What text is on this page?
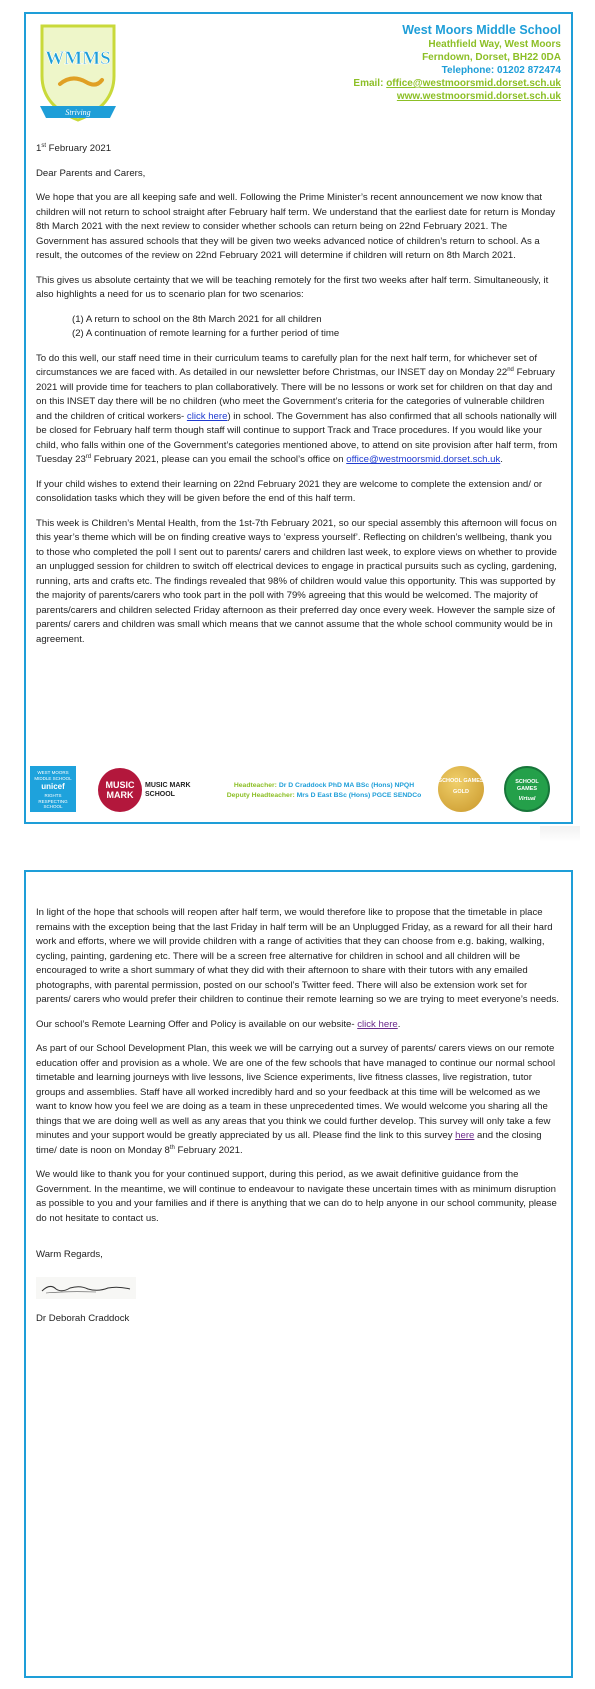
WMMS
Striving
West Moors Middle School
Heathfield Way, West Moors
Ferndown, Dorset, BH22 0DA
Telephone: 01202 872474
Email: office@westmoorsmid.dorset.sch.uk
www.westmoorsmid.dorset.sch.uk

1st February 2021

Dear Parents and Carers,

We hope that you are all keeping safe and well. Following the Prime Minister’s recent announcement we now know that children will not return to school straight after February half term. We understand that the earliest date for return is Monday 8th March 2021 with the next review to consider whether schools can return being on 22nd February 2021. The Government has assured schools that they will be given two weeks advanced notice of children’s return to school. As a result, the outcomes of the review on 22nd February 2021 will determine if children will return on 8th March 2021.

This gives us absolute certainty that we will be teaching remotely for the first two weeks after half term. Simultaneously, it also highlights a need for us to scenario plan for two scenarios:

(1) A return to school on the 8th March 2021 for all children
(2) A continuation of remote learning for a further period of time

To do this well, our staff need time in their curriculum teams to carefully plan for the next half term, for whichever set of circumstances we are faced with. As detailed in our newsletter before Christmas, our INSET day on Monday 22nd February 2021 will provide time for teachers to plan collaboratively. There will be no lessons or work set for children on that day and on this INSET day there will be no children (who meet the Government’s criteria for the categories of vulnerable children and the children of critical workers- click here) in school. The Government has also confirmed that all schools nationally will be closed for February half term though staff will continue to support Track and Trace procedures. If you would like your child, who falls within one of the Government’s categories mentioned above, to attend on site provision after half term, from Tuesday 23rd February 2021, please can you email the school’s office on office@westmoorsmid.dorset.sch.uk.

If your child wishes to extend their learning on 22nd February 2021 they are welcome to complete the extension and/ or consolidation tasks which they will be given before the end of this half term.

This week is Children’s Mental Health, from the 1st-7th February 2021, so our special assembly this afternoon will focus on this year’s theme which will be on finding creative ways to ‘express yourself’. Reflecting on children’s wellbeing, thank you to those who completed the poll I sent out to parents/ carers and children last week, to explore views on whether to provide an unplugged session for children to switch off electrical devices to engage in practical pursuits such as cycling, gardening, running, arts and crafts etc. The findings revealed that 98% of children would value this opportunity. This was supported by the majority of parents/carers who took part in the poll with 79% agreeing that this would be welcomed. The majority of parents/carers and children selected Friday afternoon as their preferred day once every week. However the sample size of parents/ carers and children was small which means that we cannot assume that the whole school community would be in agreement.

WEST MOORS MIDDLE SCHOOL
unicef
RIGHTS RESPECTING SCHOOL
MUSIC MARK
MUSIC MARK SCHOOL
Headteacher: Dr D Craddock PhD MA BSc (Hons) NPQH
Deputy Headteacher: Mrs D East BSc (Hons) PGCE SENDCo
SCHOOL GAMES
GOLD
SCHOOL GAMES
Virtual

In light of the hope that schools will reopen after half term, we would therefore like to propose that the timetable in place remains with the exception being that the last Friday in half term will be an Unplugged Friday, as a reward for all their hard work and efforts, where we will provide children with a range of activities that they can choose from e.g. baking, walking, cycling, painting, gardening etc. There will be a screen free alternative for children in school and all children will be encouraged to write a short summary of what they did with their afternoon to share with their tutors with any emailed photographs, with parental permission, posted on our school’s Twitter feed. There will also be extension work set for parents/ carers who would prefer their children to continue their remote learning so we are trying to meet everyone’s needs.

Our school’s Remote Learning Offer and Policy is available on our website- click here.

As part of our School Development Plan, this week we will be carrying out a survey of parents/ carers views on our remote education offer and provision as a whole. We are one of the few schools that have managed to continue our normal school timetable and learning journeys with live lessons, live Science experiments, live fitness classes, live registration, tutor groups and assemblies. Staff have all worked incredibly hard and so your feedback at this time will be welcomed as we want to know how you feel we are doing as a team in these unprecedented times. We would welcome you sharing all the things that we are doing well as well as any areas that you think we could further develop. This survey will only take a few minutes and your support would be greatly appreciated by us all. Please find the link to this survey here and the closing time/ date is noon on Monday 8th February 2021.

We would like to thank you for your continued support, during this period, as we await definitive guidance from the Government. In the meantime, we will continue to endeavour to navigate these uncertain times with as minimum disruption as possible to you and your families and if there is anything that we can do to help anyone in our school community, please do not hesitate to contact us.

Warm Regards,

Dr Deborah Craddock
